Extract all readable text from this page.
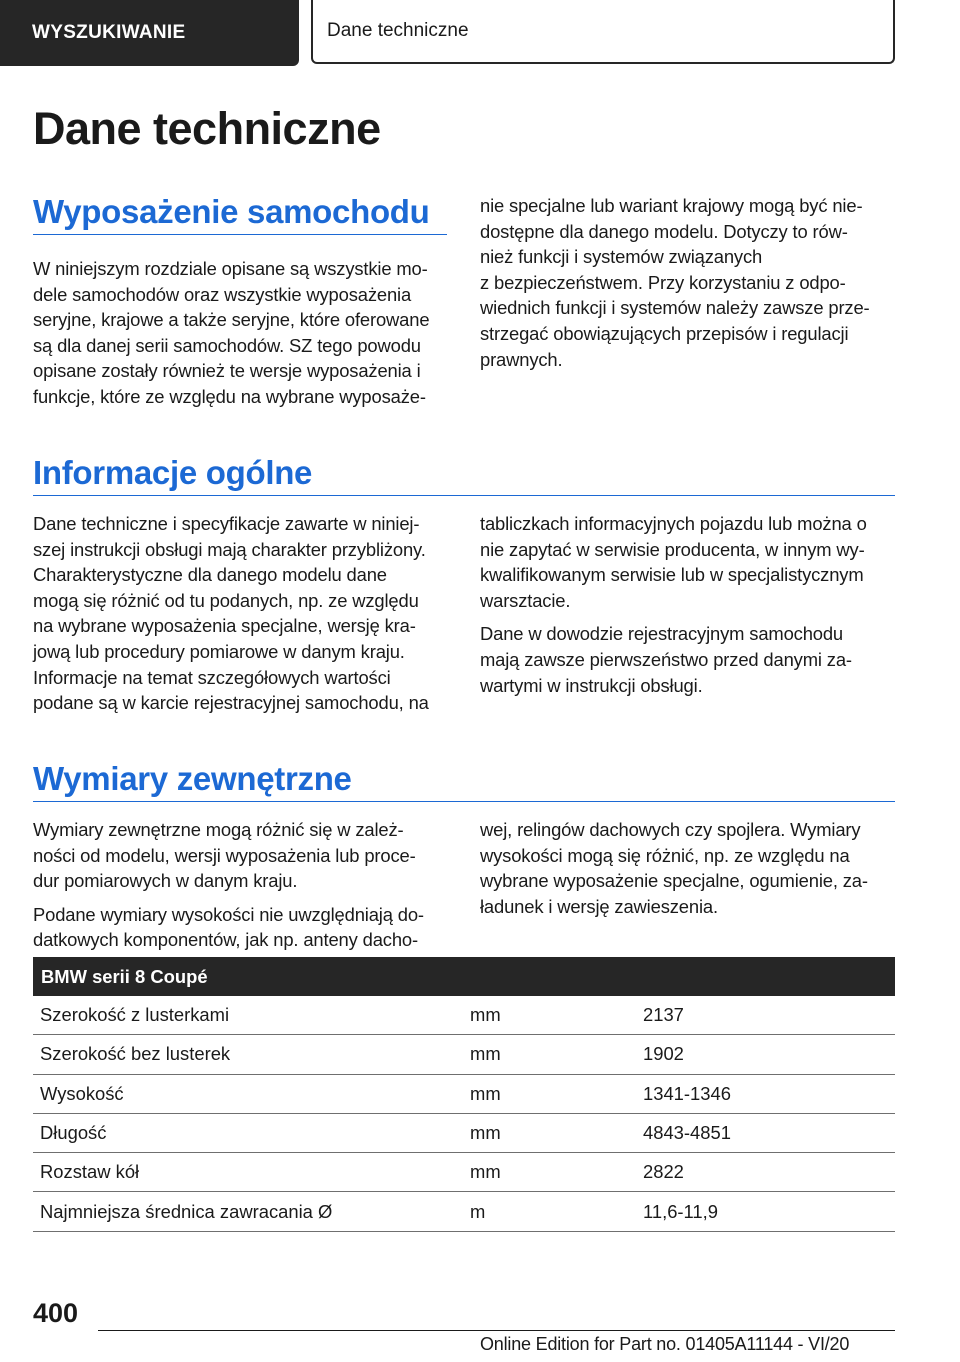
WYSZUKIWANIE	Dane techniczne
Dane techniczne
Wyposażenie samochodu

W niniejszym rozdziale opisane są wszystkie mo-
dele samochodów oraz wszystkie wyposażenia
seryjne, krajowe a także seryjne, które oferowane
są dla danej serii samochodów. SZ tego powodu
opisane zostały również te wersje wyposażenia i
funkcje, które ze względu na wybrane wyposaże-

nie specjalne lub wariant krajowy mogą być nie-
dostępne dla danego modelu. Dotyczy to rów-
nież funkcji i systemów związanych
z bezpieczeństwem. Przy korzystaniu z odpo-
wiednich funkcji i systemów należy zawsze prze-
strzegać obowiązujących przepisów i regulacji
prawnych.

Informacje ogólne

Dane techniczne i specyfikacje zawarte w niniej-
szej instrukcji obsługi mają charakter przybliżony.
Charakterystyczne dla danego modelu dane
mogą się różnić od tu podanych, np. ze względu
na wybrane wyposażenia specjalne, wersję kra-
jową lub procedury pomiarowe w danym kraju.
Informacje na temat szczegółowych wartości
podane są w karcie rejestracyjnej samochodu, na

tabliczkach informacyjnych pojazdu lub można o
nie zapytać w serwisie producenta, w innym wy-
kwalifikowanym serwisie lub w specjalistycznym
warsztacie.

Dane w dowodzie rejestracyjnym samochodu
mają zawsze pierwszeństwo przed danymi za-
wartymi w instrukcji obsługi.

Wymiary zewnętrzne

Wymiary zewnętrzne mogą różnić się w zależ-
ności od modelu, wersji wyposażenia lub proce-
dur pomiarowych w danym kraju.

Podane wymiary wysokości nie uwzględniają do-
datkowych komponentów, jak np. anteny dacho-

wej, relingów dachowych czy spojlera. Wymiary
wysokości mogą się różnić, np. ze względu na
wybrane wyposażenie specjalne, ogumienie, za-
ładunek i wersję zawieszenia.

BMW serii 8 Coupé
Szerokość z lusterkami	mm	2137
Szerokość bez lusterek	mm	1902
Wysokość	mm	1341-1346
Długość	mm	4843-4851
Rozstaw kół	mm	2822
Najmniejsza średnica zawracania Ø	m	11,6-11,9
400
Online Edition for Part no. 01405A11144 - VI/20
